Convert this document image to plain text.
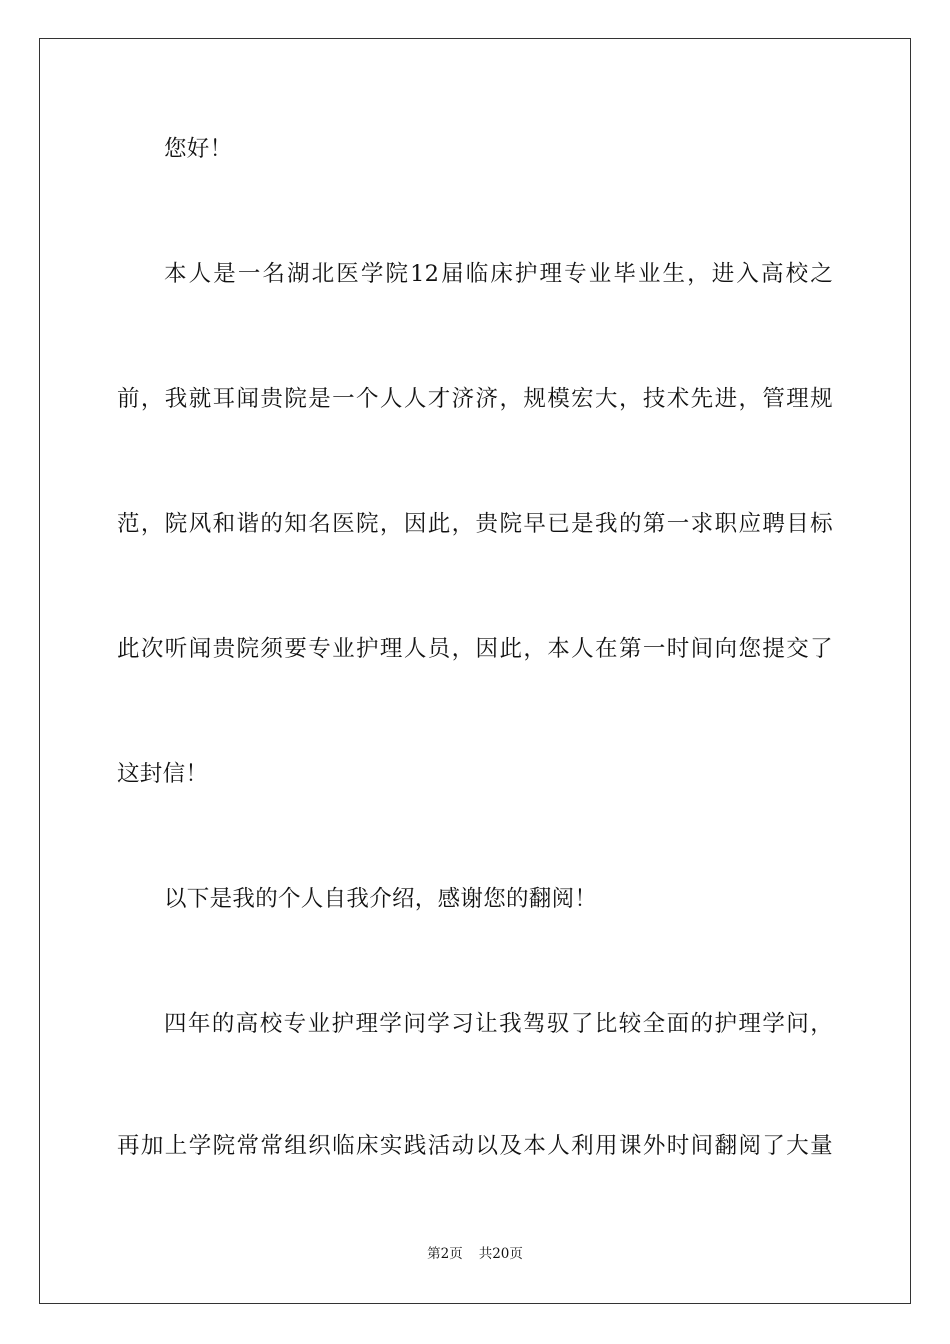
您好！
本人是一名湖北医学院12届临床护理专业毕业生，进入高校之
前，我就耳闻贵院是一个人人才济济，规模宏大，技术先进，管理规
范，院风和谐的知名医院，因此，贵院早已是我的第一求职应聘目标
此次听闻贵院须要专业护理人员，因此，本人在第一时间向您提交了
这封信！
以下是我的个人自我介绍，感谢您的翻阅！
四年的高校专业护理学问学习让我驾驭了比较全面的护理学问，
再加上学院常常组织临床实践活动以及本人利用课外时间翻阅了大量
第2页 共20页
